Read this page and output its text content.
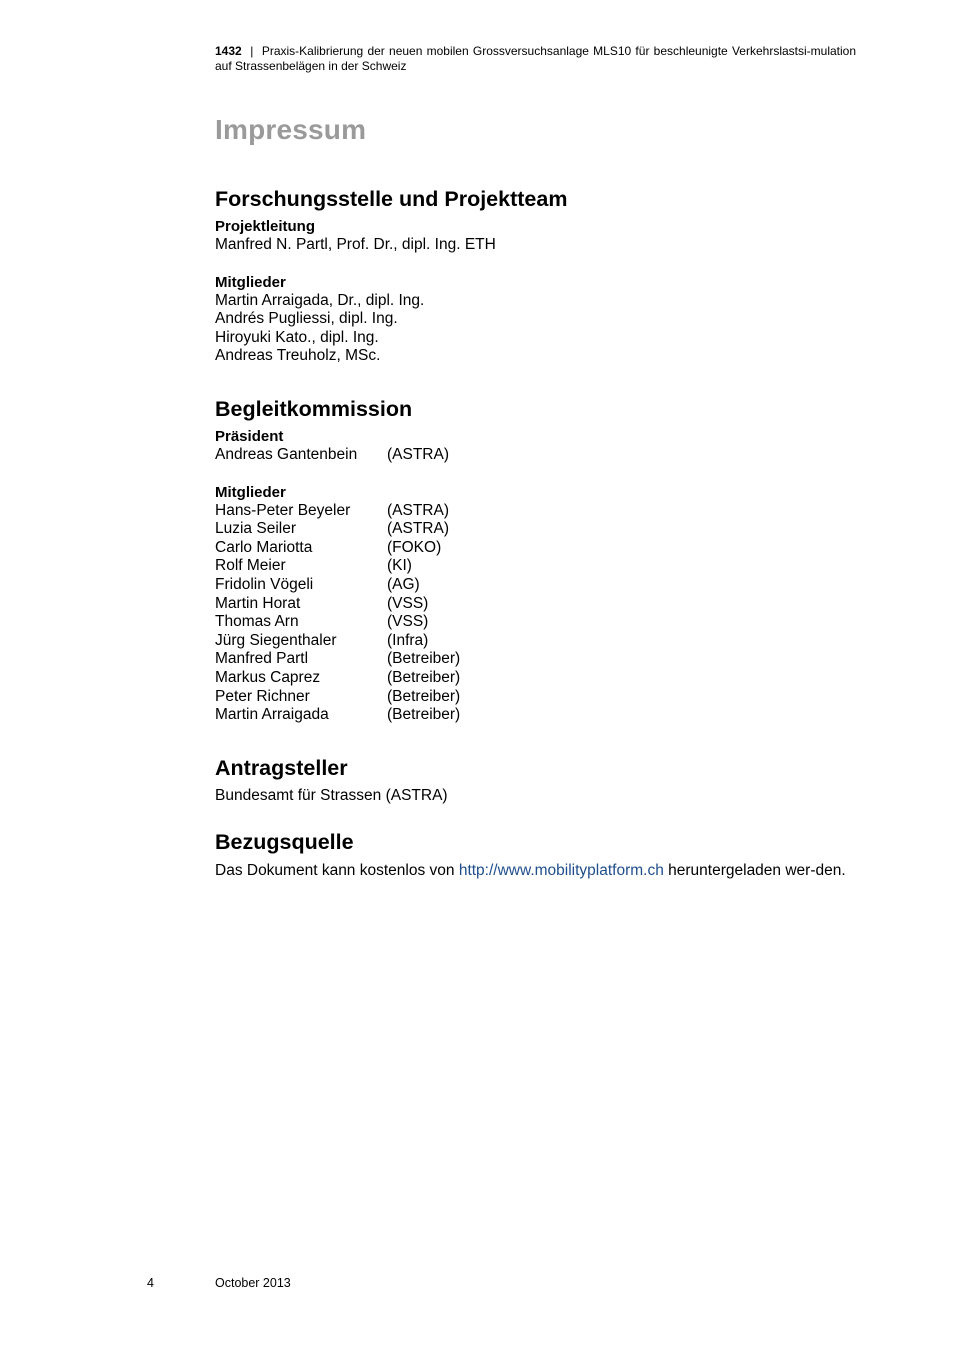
1432 | Praxis-Kalibrierung der neuen mobilen Grossversuchsanlage MLS10 für beschleunigte Verkehrslastsi-mulation auf Strassenbelägen in der Schweiz
Impressum
Forschungsstelle und Projektteam

Projektleitung

Manfred N. Partl, Prof. Dr., dipl. Ing. ETH

Mitglieder

Martin Arraigada, Dr., dipl. Ing.

Andrés Pugliessi, dipl. Ing.

Hiroyuki Kato., dipl. Ing.

Andreas Treuholz, MSc.

Begleitkommission

Präsident

Andreas Gantenbein	(ASTRA)

Mitglieder

Hans-Peter Beyeler	(ASTRA)
Luzia Seiler	(ASTRA)
Carlo Mariotta	(FOKO)
Rolf Meier	(KI)
Fridolin Vögeli	(AG)
Martin Horat	(VSS)
Thomas Arn	(VSS)
Jürg Siegenthaler	(Infra)
Manfred Partl	(Betreiber)
Markus Caprez	(Betreiber)
Peter Richner	(Betreiber)
Martin Arraigada	(Betreiber)
Antragsteller

Bundesamt für Strassen (ASTRA)

Bezugsquelle

Das Dokument kann kostenlos von http://www.mobilityplatform.ch heruntergeladen wer-den.

4	October 2013
